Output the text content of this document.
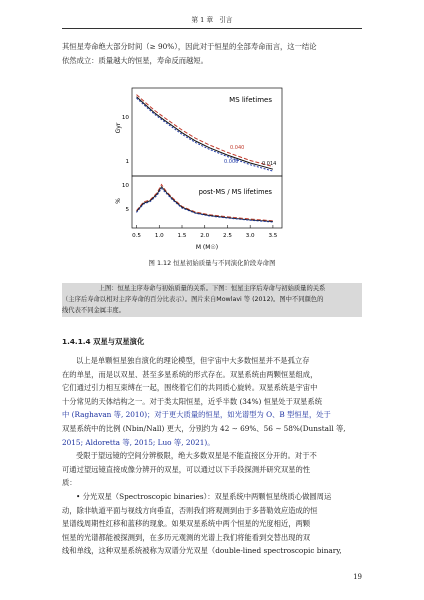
第 1 章 引言
其恒星寿命绝大部分时间（≥ 90%），因此对于恒星的全部寿命而言，这一结论
依然成立：质量越大的恒星，寿命反而越短。
0.5 1.0 1.5 2.0 2.5 3.0 3.5
MS lifetimes
post-MS / MS lifetimes
Gyr
%
10
1
10
5
0.040
0.006	0.014
M (M☉)
图 1.12 恒星初始质量与不同演化阶段寿命图
上图：恒星主序寿命与初始质量的关系。下图：恒星主序后寿命与初始质量的关系
（主序后寿命以相对主序寿命的百分比表示）。图片来自Mowlavi 等 (2012)。图中不同颜色的
线代表不同金属丰度。
1.4.1.4 双星与双星演化
以上是单颗恒星独自演化的理论模型，但宇宙中大多数恒星并不是孤立存
在的单星，而是以双星、甚至多星系统的形式存在。双星系统由两颗恒星组成，
它们通过引力相互束缚在一起，围绕着它们的共同质心旋转。双星系统是宇宙中
十分常见的天体结构之一。对于类太阳恒星，近乎半数 (34%) 恒星处于双星系统
中 (Raghavan 等, 2010)；对于更大质量的恒星，如光谱型为 O、B 型恒星，处于
双星系统中的比例 (Nbin/Nall) 更大，分别约为 42 ∼ 69%、56 ∼ 58%(Dunstall 等,
2015; Aldoretta 等, 2015; Luo 等, 2021)。
受限于望远镜的空间分辨极限，绝大多数双星是不能直接区分开的。对于不
可通过望远镜直接成像分辨开的双星，可以通过以下手段探测并研究双星的性
质：
• 分光双星（Spectroscopic binaries）：双星系统中两颗恒星绕质心做圆周运
动，除非轨道平面与视线方向垂直，否则我们将观测到由于多普勒效应造成的恒
星谱线周期性红移和蓝移的现象。如果双星系统中两个恒星的光度相近，两颗
恒星的光谱都能被探测到，在多历元观测的光谱上我们将能看到交替出现的双
线和单线，这种双星系统被称为双谱分光双星（double-lined spectroscopic binary,
19
